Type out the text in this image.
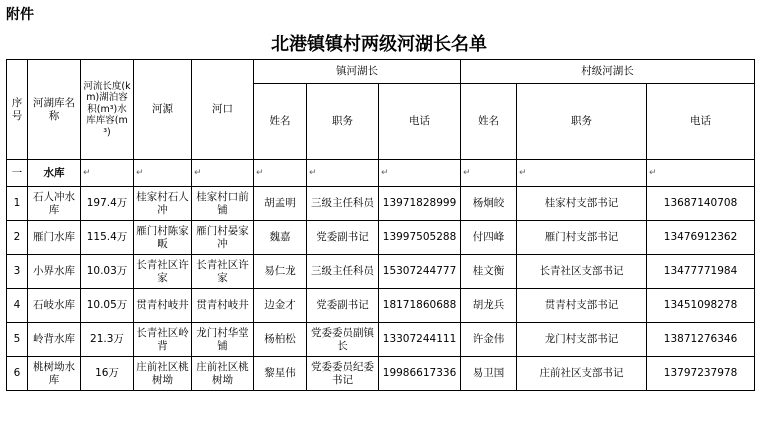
附件
北港镇镇村两级河湖长名单
序号	河湖库名称	河流长度(km)湖泊容积(m³)水库库容(m³)	河源	河口	镇河湖长			村级河湖长		
					姓名	职务	电话	姓名	职务	电话
一	水库	↵	↵	↵	↵	↵	↵	↵	↵	↵
1	石人冲水库	197.4万	桂家村石人冲	桂家村口前铺	胡孟明	三级主任科员	13971828999	杨炯皎	桂家村支部书记	13687140708
2	雁门水库	115.4万	雁门村陈家畈	雁门村晏家冲	魏嘉	党委副书记	13997505288	付四峰	雁门村支部书记	13476912362
3	小界水库	10.03万	长青社区许家	长青社区许家	易仁龙	三级主任科员	15307244777	桂文衡	长青社区支部书记	13477771984
4	石岐水库	10.05万	贯青村岐井	贯青村岐井	边金才	党委副书记	18171860688	胡龙兵	贯青村支部书记	13451098278
5	岭背水库	21.3万	长青社区岭背	龙门村华堂铺	杨柏松	党委委员副镇长	13307244111	许金伟	龙门村支部书记	13871276346
6	桃树坳水库	16万	庄前社区桃树坳	庄前社区桃树坳	黎星伟	党委委员纪委书记	19986617336	易卫国	庄前社区支部书记	13797237978
